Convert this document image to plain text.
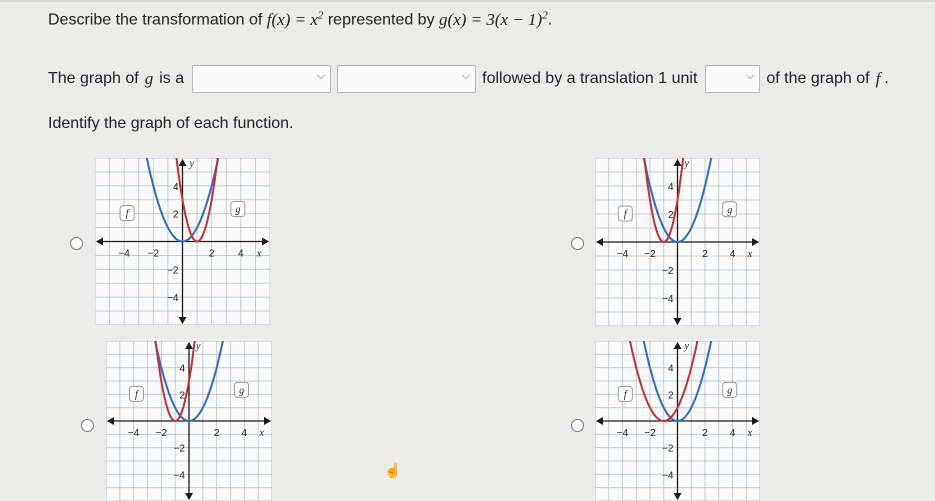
Describe the transformation of $f(x) = x^2$ represented by $g(x) = 3(x - 1)^2$.
The graph of g is a	⌵	⌵ followed by a translation 1 unit	⌵ of the graph of f .
Identify the graph of each function.
−4 −2	2 4
4
2
−2
−4
x
y
f	g
−4 −2	2 4
4
2
−2
−4
x
y
f	g
−4 −2	2 4
4
2
−2
−4
x
y
f	g
−4 −2	2 4
4
2
−2
−4
x
y
f	g
☝
